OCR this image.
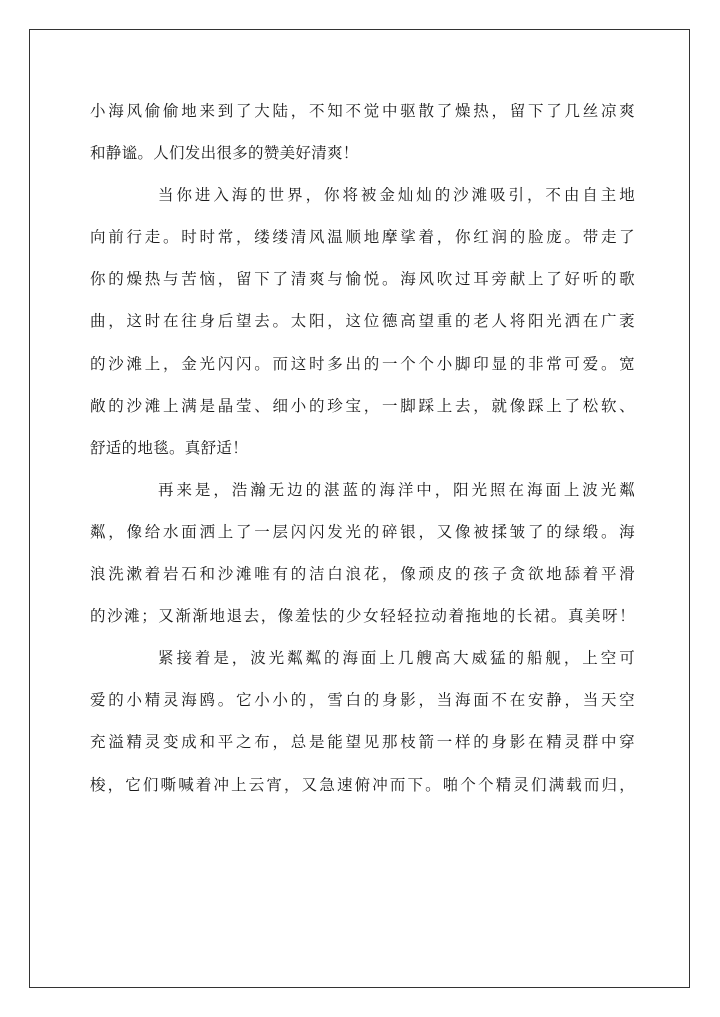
小海风偷偷地来到了大陆，不知不觉中驱散了燥热，留下了几丝凉爽
和静谧。人们发出很多的赞美好清爽！
当你进入海的世界，你将被金灿灿的沙滩吸引，不由自主地
向前行走。时时常，缕缕清风温顺地摩挲着，你红润的脸庞。带走了
你的燥热与苦恼，留下了清爽与愉悦。海风吹过耳旁献上了好听的歌
曲，这时在往身后望去。太阳，这位德高望重的老人将阳光洒在广袤
的沙滩上，金光闪闪。而这时多出的一个个小脚印显的非常可爱。宽
敞的沙滩上满是晶莹、细小的珍宝，一脚踩上去，就像踩上了松软、
舒适的地毯。真舒适！
再来是，浩瀚无边的湛蓝的海洋中，阳光照在海面上波光粼
粼，像给水面洒上了一层闪闪发光的碎银，又像被揉皱了的绿缎。海
浪洗漱着岩石和沙滩唯有的洁白浪花，像顽皮的孩子贪欲地舔着平滑
的沙滩；又渐渐地退去，像羞怯的少女轻轻拉动着拖地的长裙。真美呀！
紧接着是，波光粼粼的海面上几艘高大威猛的船舰，上空可
爱的小精灵海鸥。它小小的，雪白的身影，当海面不在安静，当天空
充溢精灵变成和平之布，总是能望见那枝箭一样的身影在精灵群中穿
梭，它们嘶喊着冲上云宵，又急速俯冲而下。啪个个精灵们满载而归，
